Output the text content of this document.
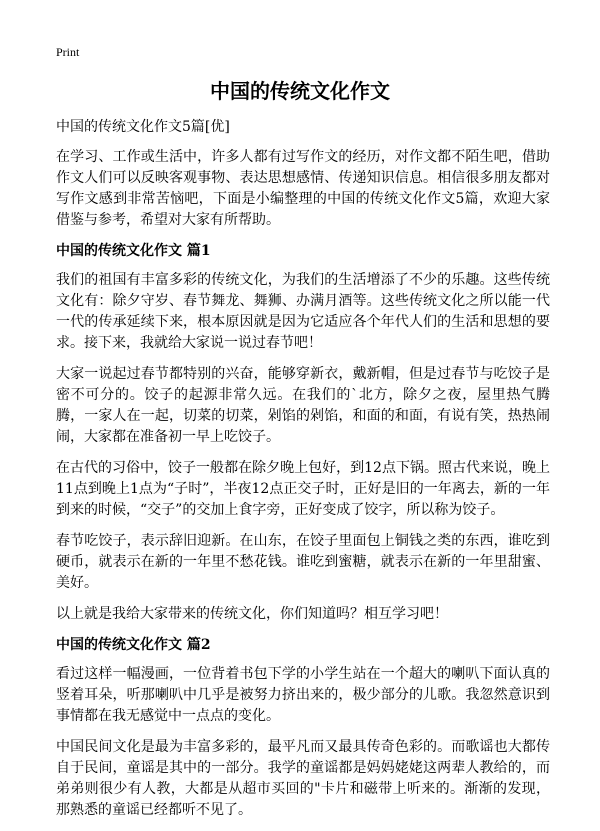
Print
中国的传统文化作文
中国的传统文化作文5篇[优]

在学习、工作或生活中，许多人都有过写作文的经历，对作文都不陌生吧，借助作文人们可以反映客观事物、表达思想感情、传递知识信息。相信很多朋友都对写作文感到非常苦恼吧，下面是小编整理的中国的传统文化作文5篇，欢迎大家借鉴与参考，希望对大家有所帮助。

中国的传统文化作文 篇1

我们的祖国有丰富多彩的传统文化，为我们的生活增添了不少的乐趣。这些传统文化有：除夕守岁、春节舞龙、舞狮、办满月酒等。这些传统文化之所以能一代一代的传承延续下来，根本原因就是因为它适应各个年代人们的生活和思想的要求。接下来，我就给大家说一说过春节吧！

大家一说起过春节都特别的兴奋，能够穿新衣，戴新帽，但是过春节与吃饺子是密不可分的。饺子的起源非常久远。在我们的`北方，除夕之夜，屋里热气腾腾，一家人在一起，切菜的切菜，剁馅的剁馅，和面的和面，有说有笑，热热闹闹，大家都在准备初一早上吃饺子。

在古代的习俗中，饺子一般都在除夕晚上包好，到12点下锅。照古代来说，晚上11点到晚上1点为“子时”，半夜12点正交子时，正好是旧的一年离去，新的一年到来的时候，“交子”的交加上食字旁，正好变成了饺字，所以称为饺子。

春节吃饺子，表示辞旧迎新。在山东，在饺子里面包上铜钱之类的东西，谁吃到硬币，就表示在新的一年里不愁花钱。谁吃到蜜糖，就表示在新的一年里甜蜜、美好。

以上就是我给大家带来的传统文化，你们知道吗？相互学习吧！

中国的传统文化作文 篇2

看过这样一幅漫画，一位背着书包下学的小学生站在一个超大的喇叭下面认真的竖着耳朵，听那喇叭中几乎是被努力挤出来的，极少部分的儿歌。我忽然意识到事情都在我无感觉中一点点的变化。

中国民间文化是最为丰富多彩的，最平凡而又最具传奇色彩的。而歌谣也大都传自于民间，童谣是其中的一部分。我学的童谣都是妈妈姥姥这两辈人教给的，而弟弟则很少有人教，大都是从超市买回的"卡片和磁带上听来的。渐渐的发现，那熟悉的童谣已经都听不见了。
